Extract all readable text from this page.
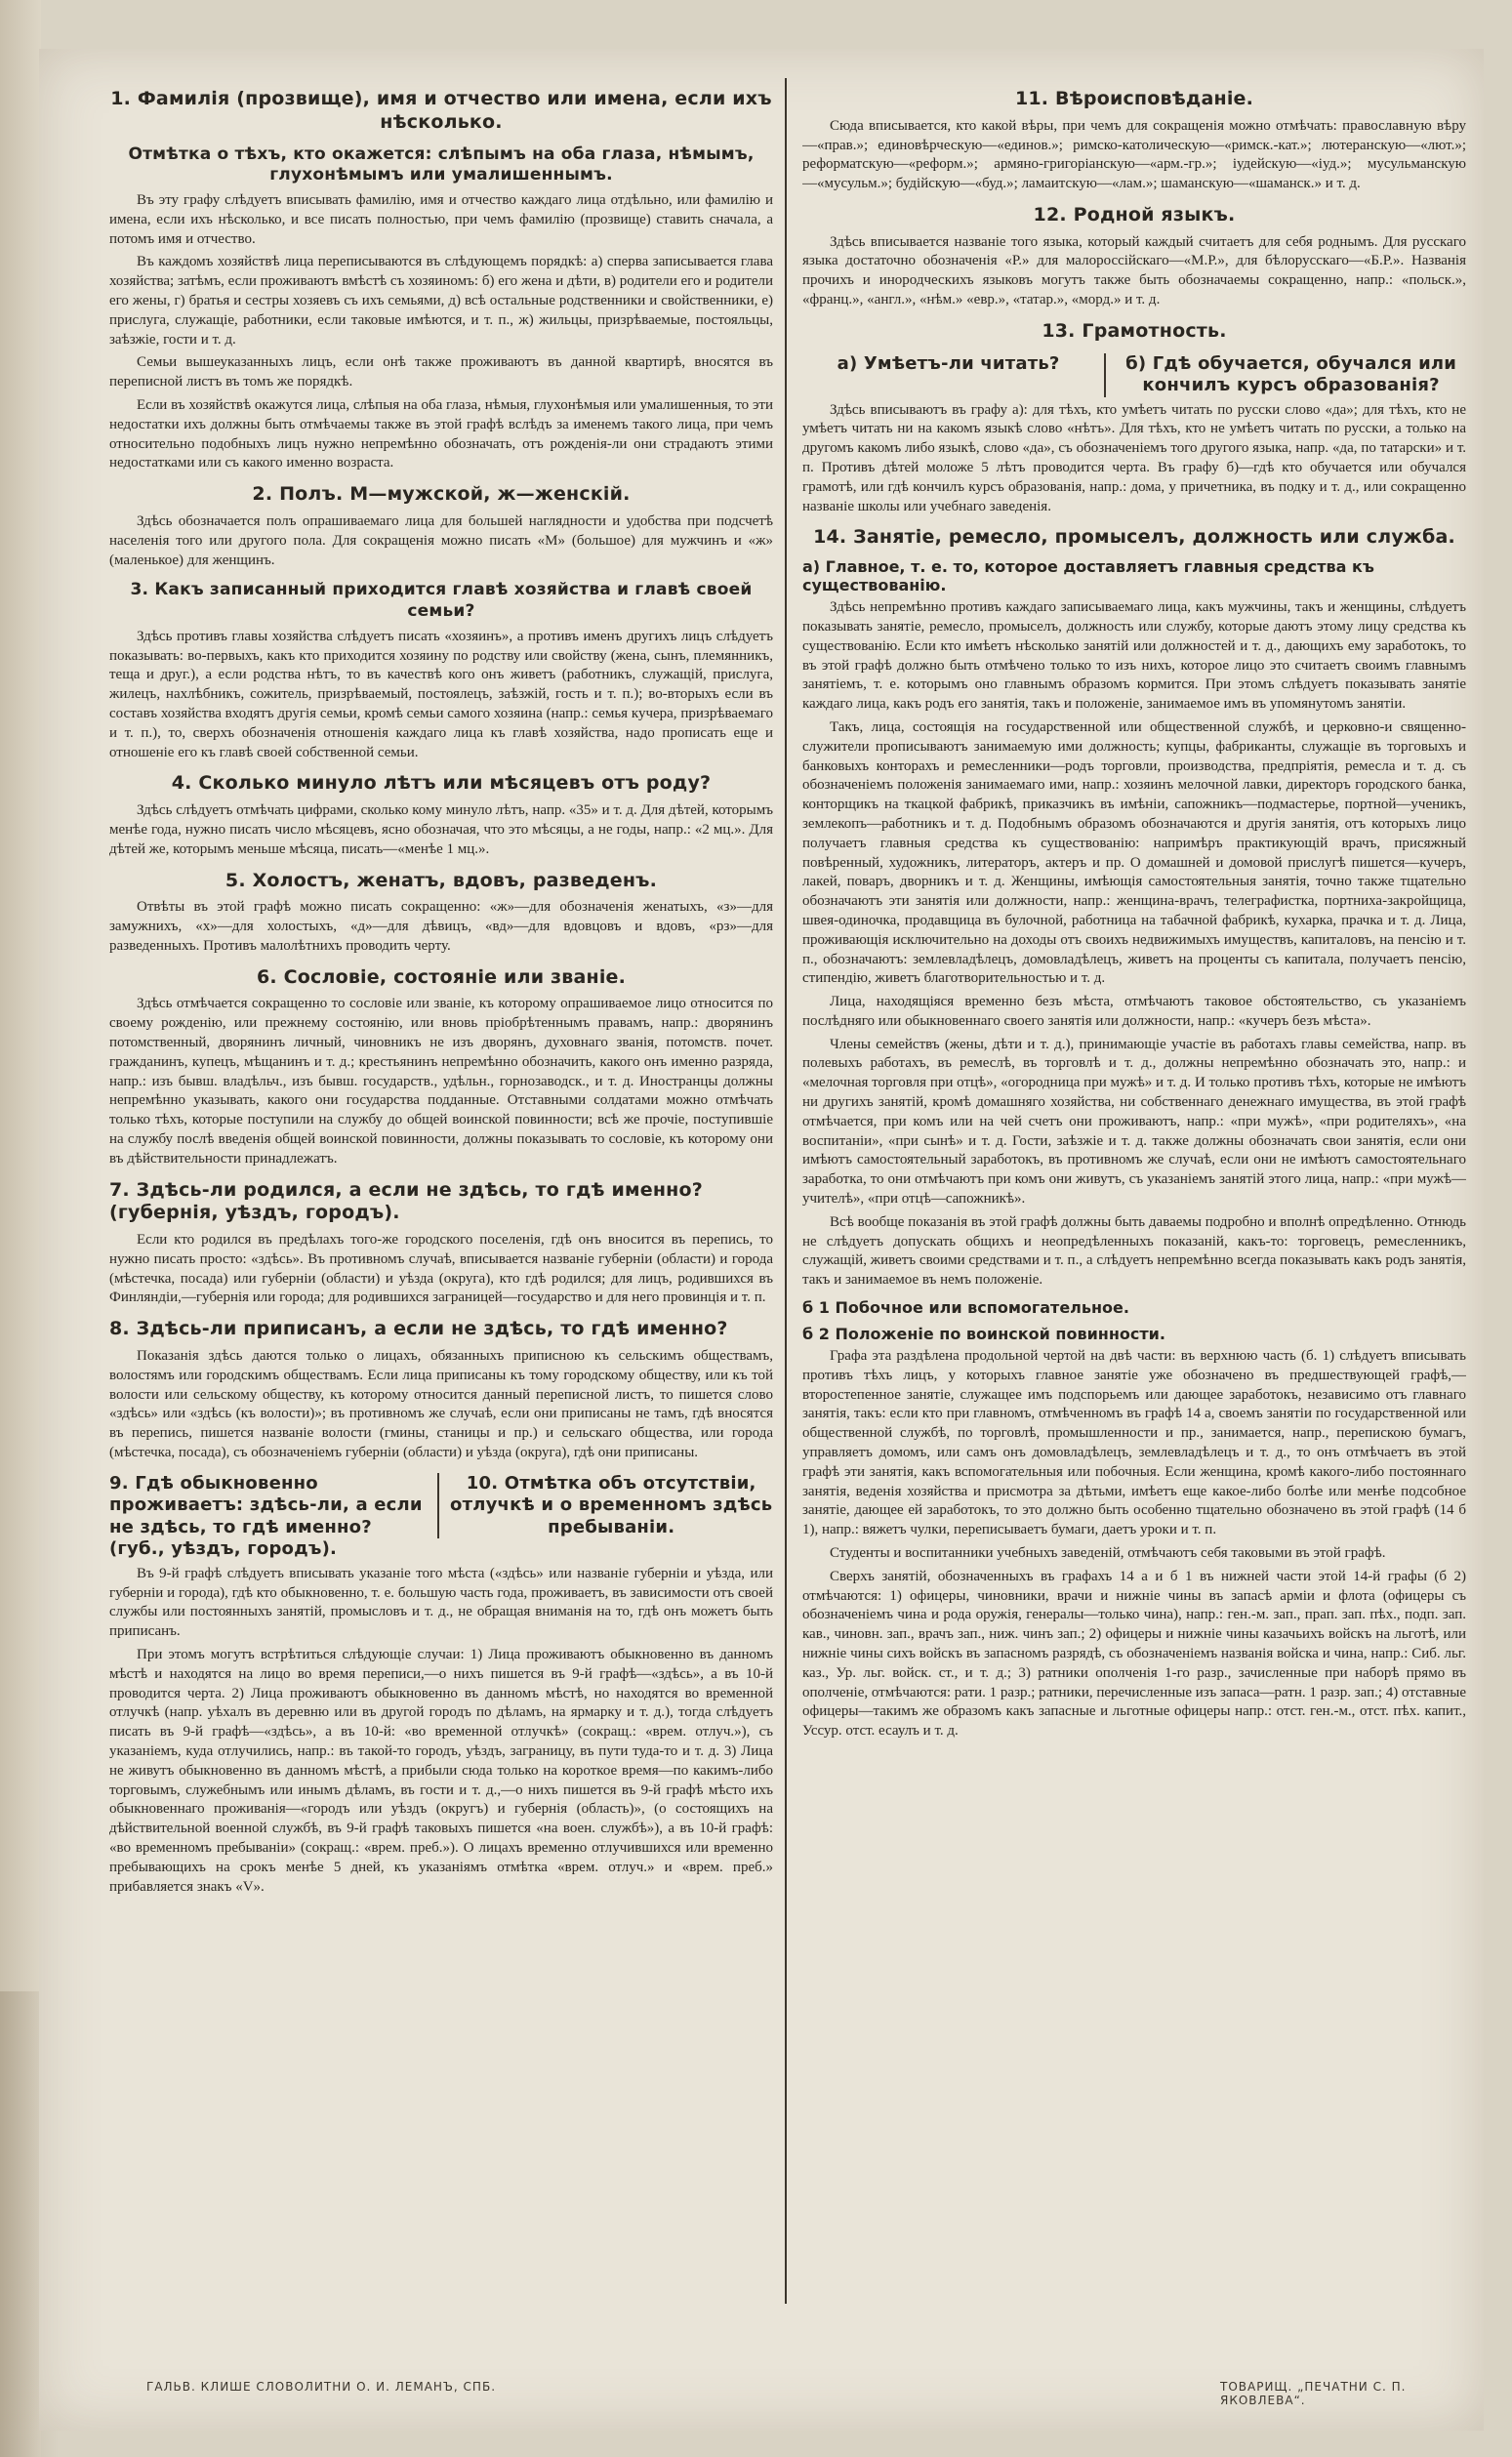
1. Фамилія (прозвище), имя и отчество или имена, если ихъ нѣсколько.
Отмѣтка о тѣхъ, кто окажется: слѣпымъ на оба глаза, нѣмымъ, глухонѣмымъ или умалишеннымъ.

Въ эту графу слѣдуетъ вписывать фамилію, имя и отчество каждаго лица отдѣльно, или фамилію и имена, если ихъ нѣсколько, и все писать полностью, при чемъ фамилію (прозвище) ставить сначала, а потомъ имя и отчество.

Въ каждомъ хозяйствѣ лица переписываются въ слѣдующемъ порядкѣ: а) сперва записывается глава хозяйства; затѣмъ, если проживаютъ вмѣстѣ съ хозяиномъ: б) его жена и дѣти, в) родители его и родители его жены, г) братья и сестры хозяевъ съ ихъ семьями, д) всѣ остальные родственники и свойственники, е) прислуга, служащіе, работники, если таковые имѣются, и т. п., ж) жильцы, призрѣваемые, постояльцы, заѣзжіе, гости и т. д.

Семьи вышеуказанныхъ лицъ, если онѣ также проживаютъ въ данной квартирѣ, вносятся въ переписной листъ въ томъ же порядкѣ.

Если въ хозяйствѣ окажутся лица, слѣпыя на оба глаза, нѣмыя, глухонѣмыя или умалишенныя, то эти недостатки ихъ должны быть отмѣчаемы также въ этой графѣ вслѣдъ за именемъ такого лица, при чемъ относительно подобныхъ лицъ нужно непремѣнно обозначать, отъ рожденія-ли они страдаютъ этими недостатками или съ какого именно возраста.

2. Полъ. М—мужской, ж—женскій.

Здѣсь обозначается полъ опрашиваемаго лица для большей наглядности и удобства при подсчетѣ населенія того или другого пола. Для сокращенія можно писать «М» (большое) для мужчинъ и «ж» (маленькое) для женщинъ.

3. Какъ записанный приходится главѣ хозяйства и главѣ своей семьи?

Здѣсь противъ главы хозяйства слѣдуетъ писать «хозяинъ», а противъ именъ другихъ лицъ слѣдуетъ показывать: во-первыхъ, какъ кто приходится хозяину по родству или свойству (жена, сынъ, племянникъ, теща и друг.), а если родства нѣтъ, то въ качествѣ кого онъ живетъ (работникъ, служащій, прислуга, жилецъ, нахлѣбникъ, сожитель, призрѣваемый, постоялецъ, заѣзжій, гость и т. п.); во-вторыхъ если въ составъ хозяйства входятъ другія семьи, кромѣ семьи самого хозяина (напр.: семья кучера, призрѣваемаго и т. п.), то, сверхъ обозначенія отношенія каждаго лица къ главѣ хозяйства, надо прописать еще и отношеніе его къ главѣ своей собственной семьи.

4. Сколько минуло лѣтъ или мѣсяцевъ отъ роду?

Здѣсь слѣдуетъ отмѣчать цифрами, сколько кому минуло лѣтъ, напр. «35» и т. д. Для дѣтей, которымъ менѣе года, нужно писать число мѣсяцевъ, ясно обозначая, что это мѣсяцы, а не годы, напр.: «2 мц.». Для дѣтей же, которымъ меньше мѣсяца, писать—«менѣе 1 мц.».

5. Холостъ, женатъ, вдовъ, разведенъ.

Отвѣты въ этой графѣ можно писать сокращенно: «ж»—для обозначенія женатыхъ, «з»—для замужнихъ, «х»—для холостыхъ, «д»—для дѣвицъ, «вд»—для вдовцовъ и вдовъ, «рз»—для разведенныхъ. Противъ малолѣтнихъ проводить черту.

6. Сословіе, состояніе или званіе.

Здѣсь отмѣчается сокращенно то сословіе или званіе, къ которому опрашиваемое лицо относится по своему рожденію, или прежнему состоянію, или вновь пріобрѣтеннымъ правамъ, напр.: дворянинъ потомственный, дворянинъ личный, чиновникъ не изъ дворянъ, духовнаго званія, потомств. почет. гражданинъ, купецъ, мѣщанинъ и т. д.; крестьянинъ непремѣнно обозначить, какого онъ именно разряда, напр.: изъ бывш. владѣльч., изъ бывш. государств., удѣльн., горнозаводск., и т. д. Иностранцы должны непремѣнно указывать, какого они государства подданные. Отставными солдатами можно отмѣчать только тѣхъ, которые поступили на службу до общей воинской повинности; всѣ же прочіе, поступившіе на службу послѣ введенія общей воинской повинности, должны показывать то сословіе, къ которому они въ дѣйствительности принадлежатъ.

7. Здѣсь-ли родился, а если не здѣсь, то гдѣ именно? (губернія, уѣздъ, городъ).

Если кто родился въ предѣлахъ того-же городского поселенія, гдѣ онъ вносится въ перепись, то нужно писать просто: «здѣсь». Въ противномъ случаѣ, вписывается названіе губерніи (области) и города (мѣстечка, посада) или губерніи (области) и уѣзда (округа), кто гдѣ родился; для лицъ, родившихся въ Финляндіи,—губернія или города; для родившихся заграницей—государство и для него провинція и т. п.

8. Здѣсь-ли приписанъ, а если не здѣсь, то гдѣ именно?

Показанія здѣсь даются только о лицахъ, обязанныхъ приписною къ сельскимъ обществамъ, волостямъ или городскимъ обществамъ. Если лица приписаны къ тому городскому обществу, или къ той волости или сельскому обществу, къ которому относится данный переписной листъ, то пишется слово «здѣсь» или «здѣсь (къ волости)»; въ противномъ же случаѣ, если они приписаны не тамъ, гдѣ вносятся въ перепись, пишется названіе волости (гмины, станицы и пр.) и сельскаго общества, или города (мѣстечка, посада), съ обозначеніемъ губерніи (области) и уѣзда (округа), гдѣ они приписаны.

9. Гдѣ обыкновенно проживаетъ: здѣсь-ли, а если не здѣсь, то гдѣ именно? (губ., уѣздъ, городъ).
10. Отмѣтка объ отсутствіи, отлучкѣ и о временномъ здѣсь пребываніи.

Въ 9-й графѣ слѣдуетъ вписывать указаніе того мѣста («здѣсь» или названіе губерніи и уѣзда, или губерніи и города), гдѣ кто обыкновенно, т. е. большую часть года, проживаетъ, въ зависимости отъ своей службы или постоянныхъ занятій, промысловъ и т. д., не обращая вниманія на то, гдѣ онъ можетъ быть приписанъ.

При этомъ могутъ встрѣтиться слѣдующіе случаи: 1) Лица проживаютъ обыкновенно въ данномъ мѣстѣ и находятся на лицо во время переписи,—о нихъ пишется въ 9-й графѣ—«здѣсь», а въ 10-й проводится черта. 2) Лица проживаютъ обыкновенно въ данномъ мѣстѣ, но находятся во временной отлучкѣ (напр. уѣхалъ въ деревню или въ другой городъ по дѣламъ, на ярмарку и т. д.), тогда слѣдуетъ писать въ 9-й графѣ—«здѣсь», а въ 10-й: «во временной отлучкѣ» (сокращ.: «врем. отлуч.»), съ указаніемъ, куда отлучились, напр.: въ такой-то городъ, уѣздъ, заграницу, въ пути туда-то и т. д. 3) Лица не живутъ обыкновенно въ данномъ мѣстѣ, а прибыли сюда только на короткое время—по какимъ-либо торговымъ, служебнымъ или инымъ дѣламъ, въ гости и т. д.,—о нихъ пишется въ 9-й графѣ мѣсто ихъ обыкновеннаго проживанія—«городъ или уѣздъ (округъ) и губернія (область)», (о состоящихъ на дѣйствительной военной службѣ, въ 9-й графѣ таковыхъ пишется «на воен. службѣ»), а въ 10-й графѣ: «во временномъ пребываніи» (сокращ.: «врем. преб.»). О лицахъ временно отлучившихся или временно пребывающихъ на срокъ менѣе 5 дней, къ указаніямъ отмѣтка «врем. отлуч.» и «врем. преб.» прибавляется знакъ «V».

11. Вѣроисповѣданіе.

Сюда вписывается, кто какой вѣры, при чемъ для сокращенія можно отмѣчать: православную вѣру—«прав.»; единовѣрческую—«единов.»; римско-католическую—«римск.-кат.»; лютеранскую—«лют.»; реформатскую—«реформ.»; армяно-григоріанскую—«арм.-гр.»; іудейскую—«іуд.»; мусульманскую—«мусульм.»; будійскую—«буд.»; ламаитскую—«лам.»; шаманскую—«шаманск.» и т. д.

12. Родной языкъ.

Здѣсь вписывается названіе того языка, который каждый считаетъ для себя роднымъ. Для русскаго языка достаточно обозначенія «Р.» для малороссійскаго—«М.Р.», для бѣлорусскаго—«Б.Р.». Названія прочихъ и инородческихъ языковъ могутъ также быть обозначаемы сокращенно, напр.: «польск.», «франц.», «англ.», «нѣм.» «евр.», «татар.», «морд.» и т. д.

13. Грамотность.
а) Умѣетъ-ли читать?	б) Гдѣ обучается, обучался или кончилъ курсъ образованія?

Здѣсь вписываютъ въ графу а): для тѣхъ, кто умѣетъ читать по русски слово «да»; для тѣхъ, кто не умѣетъ читать ни на какомъ языкѣ слово «нѣтъ». Для тѣхъ, кто не умѣетъ читать по русски, а только на другомъ какомъ либо языкѣ, слово «да», съ обозначеніемъ того другого языка, напр. «да, по татарски» и т. п. Противъ дѣтей моложе 5 лѣтъ проводится черта. Въ графу б)—гдѣ кто обучается или обучался грамотѣ, или гдѣ кончилъ курсъ образованія, напр.: дома, у причетника, въ подку и т. д., или сокращенно названіе школы или учебнаго заведенія.

14. Занятіе, ремесло, промыселъ, должность или служба.
а) Главное, т. е. то, которое доставляетъ главныя средства къ существованію.

Здѣсь непремѣнно противъ каждаго записываемаго лица, какъ мужчины, такъ и женщины, слѣдуетъ показывать занятіе, ремесло, промыселъ, должность или службу, которые даютъ этому лицу средства къ существованію. Если кто имѣетъ нѣсколько занятій или должностей и т. д., дающихъ ему заработокъ, то въ этой графѣ должно быть отмѣчено только то изъ нихъ, которое лицо это считаетъ своимъ главнымъ занятіемъ, т. е. которымъ оно главнымъ образомъ кормится. При этомъ слѣдуетъ показывать занятіе каждаго лица, какъ родъ его занятія, такъ и положеніе, занимаемое имъ въ упомянутомъ занятіи.

Такъ, лица, состоящія на государственной или общественной службѣ, и церковно-и священно-служители прописываютъ занимаемую ими должность; купцы, фабриканты, служащіе въ торговыхъ и банковыхъ конторахъ и ремесленники—родъ торговли, производства, предпріятія, ремесла и т. д. съ обозначеніемъ положенія занимаемаго ими, напр.: хозяинъ мелочной лавки, директоръ городского банка, конторщикъ на ткацкой фабрикѣ, приказчикъ въ имѣніи, сапожникъ—подмастерье, портной—ученикъ, землекопъ—работникъ и т. д. Подобнымъ образомъ обозначаются и другія занятія, отъ которыхъ лицо получаетъ главныя средства къ существованію: напримѣръ практикующій врачъ, присяжный повѣренный, художникъ, литераторъ, актеръ и пр. О домашней и домовой прислугѣ пишется—кучеръ, лакей, поваръ, дворникъ и т. д. Женщины, имѣющія самостоятельныя занятія, точно также тщательно обозначаютъ эти занятія или должности, напр.: женщина-врачъ, телеграфистка, портниха-закройщица, швея-одиночка, продавщица въ булочной, работница на табачной фабрикѣ, кухарка, прачка и т. д. Лица, проживающія исключительно на доходы отъ своихъ недвижимыхъ имуществъ, капиталовъ, на пенсію и т. п., обозначаютъ: землевладѣлецъ, домовладѣлецъ, живетъ на проценты съ капитала, получаетъ пенсію, стипендію, живетъ благотворительностью и т. д.

Лица, находящіяся временно безъ мѣста, отмѣчаютъ таковое обстоятельство, съ указаніемъ послѣдняго или обыкновеннаго своего занятія или должности, напр.: «кучеръ безъ мѣста».

Члены семействъ (жены, дѣти и т. д.), принимающіе участіе въ работахъ главы семейства, напр. въ полевыхъ работахъ, въ ремеслѣ, въ торговлѣ и т. д., должны непремѣнно обозначать это, напр.: и «мелочная торговля при отцѣ», «огородница при мужѣ» и т. д. И только противъ тѣхъ, которые не имѣютъ ни другихъ занятій, кромѣ домашняго хозяйства, ни собственнаго денежнаго имущества, въ этой графѣ отмѣчается, при комъ или на чей счетъ они проживаютъ, напр.: «при мужѣ», «при родителяхъ», «на воспитаніи», «при сынѣ» и т. д. Гости, заѣзжіе и т. д. также должны обозначать свои занятія, если они имѣютъ самостоятельный заработокъ, въ противномъ же случаѣ, если они не имѣютъ самостоятельнаго заработка, то они отмѣчаютъ при комъ они живутъ, съ указаніемъ занятій этого лица, напр.: «при мужѣ—учителѣ», «при отцѣ—сапожникѣ».

Всѣ вообще показанія въ этой графѣ должны быть даваемы подробно и вполнѣ опредѣленно. Отнюдь не слѣдуетъ допускать общихъ и неопредѣленныхъ показаній, какъ-то: торговецъ, ремесленникъ, служащій, живетъ своими средствами и т. п., а слѣдуетъ непремѣнно всегда показывать какъ родъ занятія, такъ и занимаемое въ немъ положеніе.

б 1 Побочное или вспомогательное.
б 2 Положеніе по воинской повинности.

Графа эта раздѣлена продольной чертой на двѣ части: въ верхнюю часть (б. 1) слѣдуетъ вписывать противъ тѣхъ лицъ, у которыхъ главное занятіе уже обозначено въ предшествующей графѣ,—второстепенное занятіе, служащее имъ подспорьемъ или дающее заработокъ, независимо отъ главнаго занятія, такъ: если кто при главномъ, отмѣченномъ въ графѣ 14 а, своемъ занятіи по государственной или общественной службѣ, по торговлѣ, промышленности и пр., занимается, напр., перепискою бумагъ, управляетъ домомъ, или самъ онъ домовладѣлецъ, землевладѣлецъ и т. д., то онъ отмѣчаетъ въ этой графѣ эти занятія, какъ вспомогательныя или побочныя. Если женщина, кромѣ какого-либо постояннаго занятія, веденія хозяйства и присмотра за дѣтьми, имѣетъ еще какое-либо болѣе или менѣе подсобное занятіе, дающее ей заработокъ, то это должно быть особенно тщательно обозначено въ этой графѣ (14 б 1), напр.: вяжетъ чулки, переписываетъ бумаги, даетъ уроки и т. п.

Студенты и воспитанники учебныхъ заведеній, отмѣчаютъ себя таковыми въ этой графѣ.

Сверхъ занятій, обозначенныхъ въ графахъ 14 а и б 1 въ нижней части этой 14-й графы (б 2) отмѣчаются: 1) офицеры, чиновники, врачи и нижніе чины въ запасѣ арміи и флота (офицеры съ обозначеніемъ чина и рода оружія, генералы—только чина), напр.: ген.-м. зап., прап. зап. пѣх., подп. зап. кав., чиновн. зап., врачъ зап., ниж. чинъ зап.; 2) офицеры и нижніе чины казачьихъ войскъ на льготѣ, или нижніе чины сихъ войскъ въ запасномъ разрядѣ, съ обозначеніемъ названія войска и чина, напр.: Сиб. льг. каз., Ур. льг. войск. ст., и т. д.; 3) ратники ополченія 1-го разр., зачисленные при наборѣ прямо въ ополченіе, отмѣчаются: рати. 1 разр.; ратники, перечисленные изъ запаса—ратн. 1 разр. зап.; 4) отставные офицеры—такимъ же образомъ какъ запасные и льготные офицеры напр.: отст. ген.-м., отст. пѣх. капит., Уссур. отст. есаулъ и т. д.

ГАЛЬВ. КЛИШЕ СЛОВОЛИТНИ О. И. ЛЕМАНЪ, СПБ.	ТОВАРИЩ. „ПЕЧАТНИ С. П. ЯКОВЛЕВА“.
